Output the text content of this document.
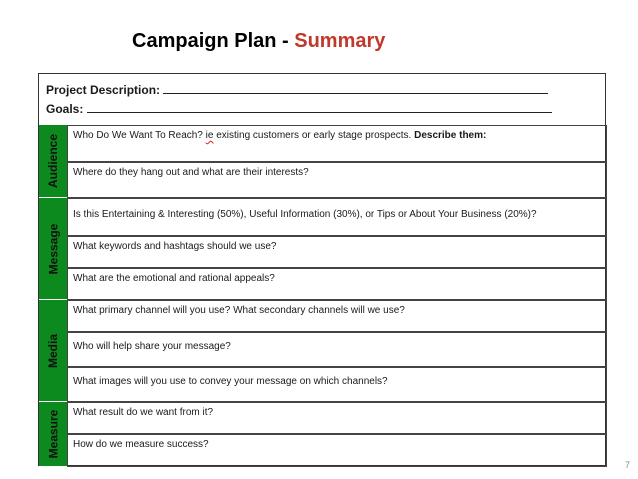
Campaign Plan - Summary
Project Description:
Goals:
Audience
Message
Media
Measure
Who Do We Want To Reach? ie existing customers or early stage prospects. Describe them:
Where do they hang out and what are their interests?
Is this Entertaining & Interesting (50%), Useful Information (30%), or Tips or About Your Business (20%)?
What keywords and hashtags should we use?
What are the emotional and rational appeals?
What primary channel will you use? What secondary channels will we use?
Who will help share your message?
What images will you use to convey your message on which channels?
What result do we want from it?
How do we measure success?
7
